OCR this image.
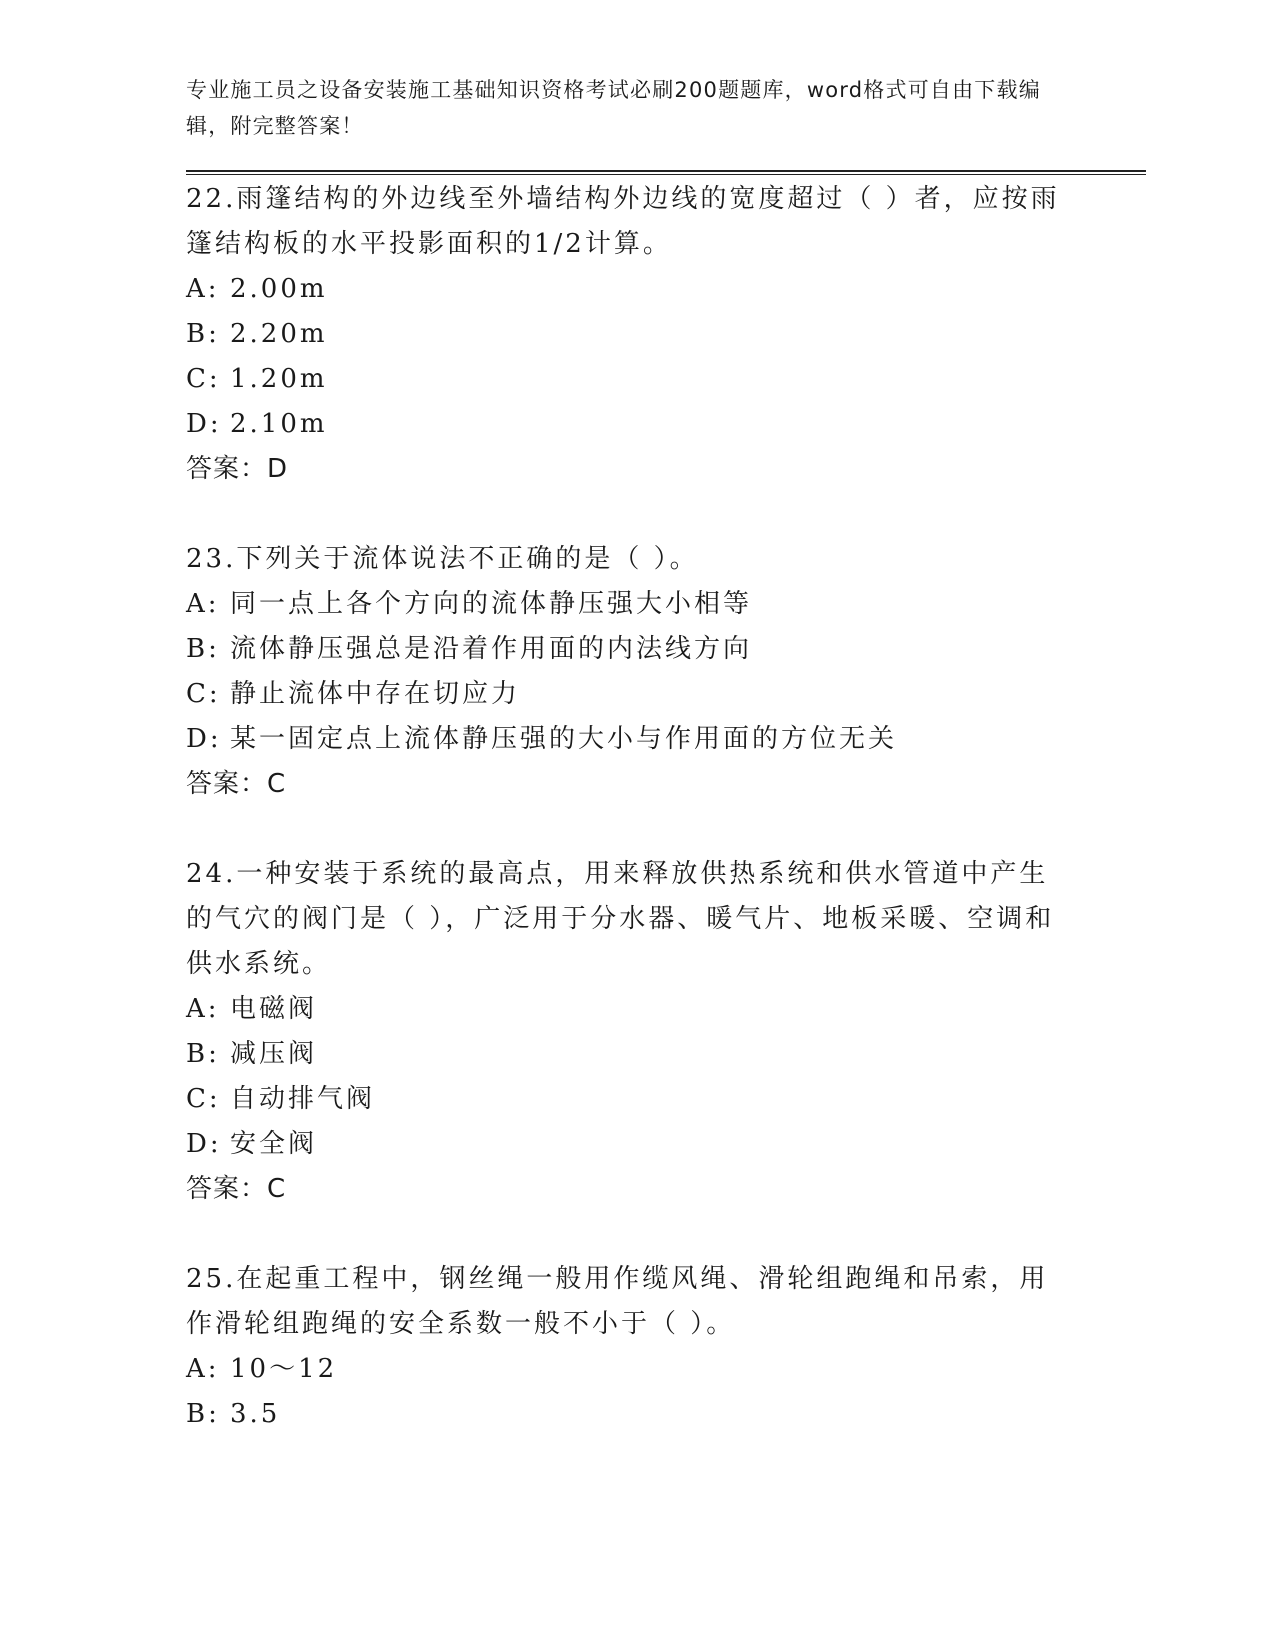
专业施工员之设备安装施工基础知识资格考试必刷200题题库，word格式可自由下载编辑，附完整答案！

22.雨篷结构的外边线至外墙结构外边线的宽度超过（ ）者，应按雨篷结构板的水平投影面积的1/2计算。

A: 2.00m

B: 2.20m

C: 1.20m

D: 2.10m

答案：D

23.下列关于流体说法不正确的是（ ）。

A: 同一点上各个方向的流体静压强大小相等

B: 流体静压强总是沿着作用面的内法线方向

C: 静止流体中存在切应力

D: 某一固定点上流体静压强的大小与作用面的方位无关

答案：C

24.一种安装于系统的最高点，用来释放供热系统和供水管道中产生的气穴的阀门是（ ），广泛用于分水器、暖气片、地板采暖、空调和供水系统。

A: 电磁阀

B: 减压阀

C: 自动排气阀

D: 安全阀

答案：C

25.在起重工程中，钢丝绳一般用作缆风绳、滑轮组跑绳和吊索，用作滑轮组跑绳的安全系数一般不小于（ ）。

A: 10～12

B: 3.5
